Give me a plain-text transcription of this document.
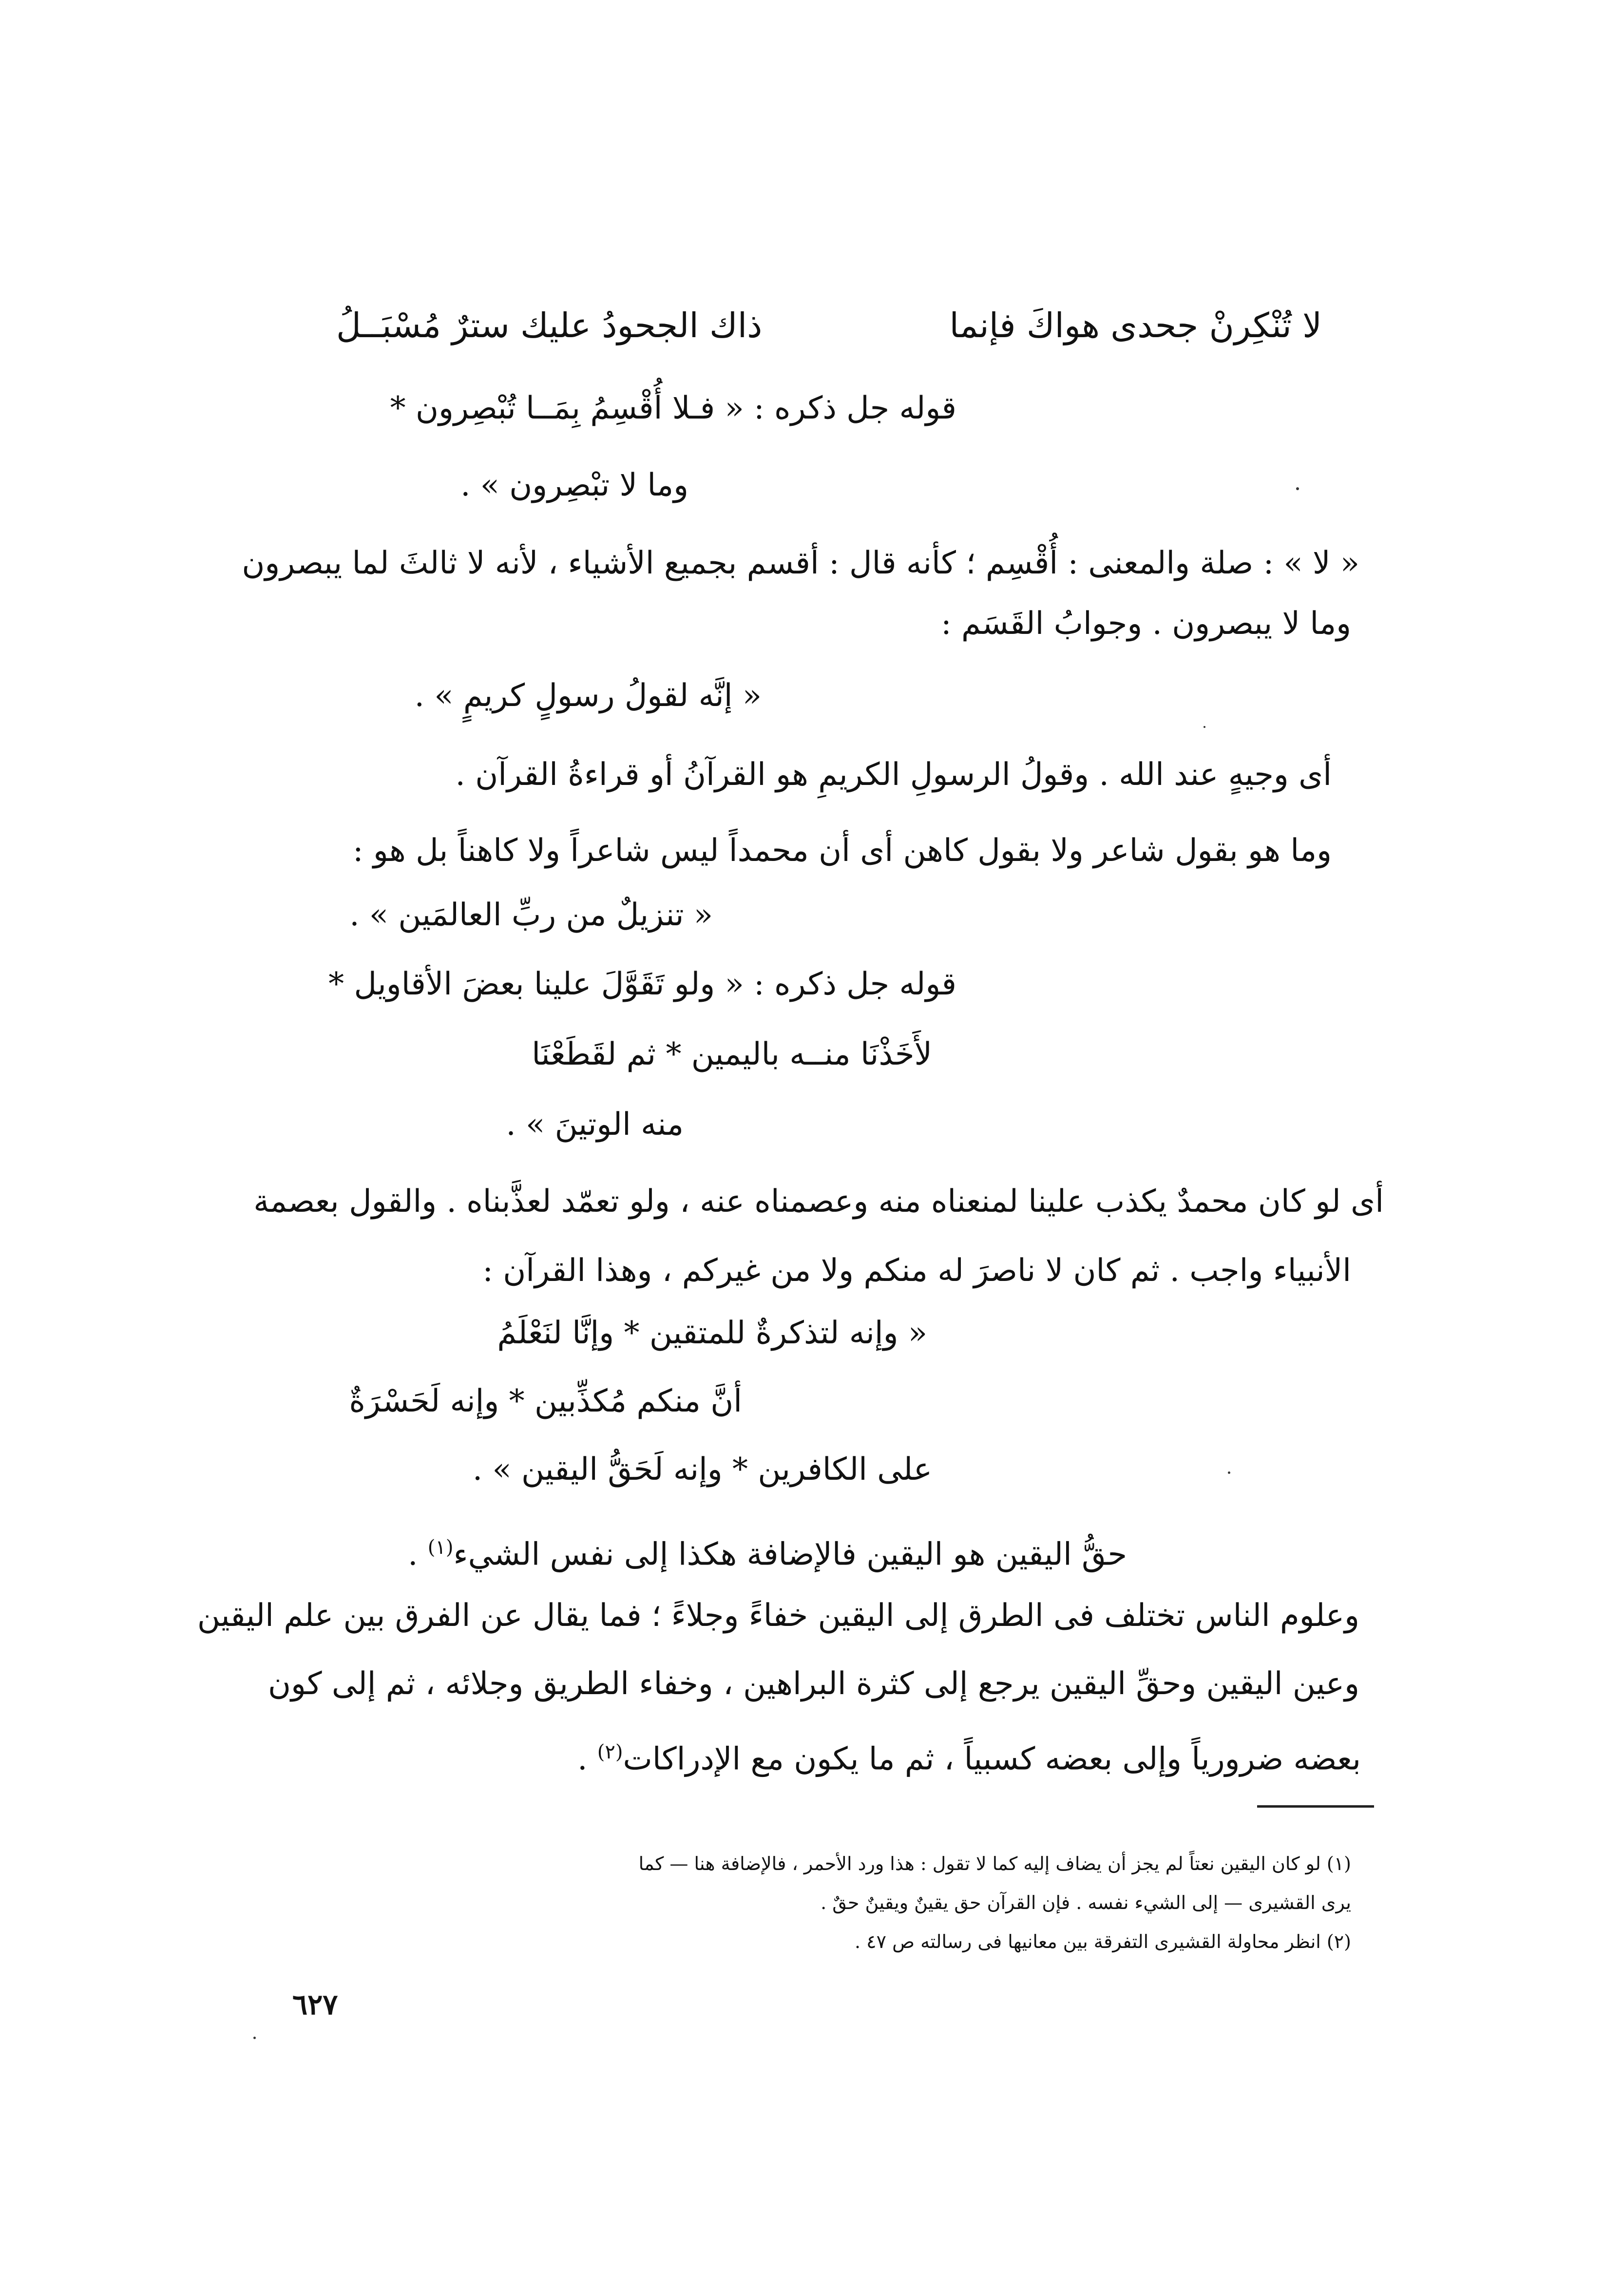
لا تُنْكِرنْ جحدى هواكَ فإنما
ذاك الجحودُ عليك سترٌ مُسْبَــلُ
قوله جل ذكره : « فـلا أُقْسِمُ بِمَــا تُبْصِرون *
وما لا تبْصِرون » .
« لا » : صلة والمعنى : أُقْسِم ؛ كأنه قال : أقسم بجميع الأشياء ، لأنه لا ثالثَ لما يبصرون
وما لا يبصرون . وجوابُ القَسَم :
« إنَّه لقولُ رسولٍ كريمٍ » .
أى وجيهٍ عند الله . وقولُ الرسولِ الكريمِ هو القرآنُ أو قراءةُ القرآن .
وما هو بقول شاعر ولا بقول كاهن أى أن محمداً ليس شاعراً ولا كاهناً بل هو :
« تنزيلٌ من ربِّ العالمَين » .
قوله جل ذكره : « ولو تَقَوَّلَ علينا بعضَ الأقاويل *
لأَخَذْنَا منــه باليمين * ثم لقَطَعْنَا
منه الوتينَ » .
أى لو كان محمدٌ يكذب علينا لمنعناه منه وعصمناه عنه ، ولو تعمّد لعذَّبناه . والقول بعصمة
الأنبياء واجب . ثم كان لا ناصرَ له منكم ولا من غيركم ، وهذا القرآن :
« وإنه لتذكرةٌ للمتقين * وإنَّا لنَعْلَمُ
أنَّ منكم مُكذِّبين * وإنه لَحَسْرَةٌ
على الكافرين * وإنه لَحَقُّ اليقين » .
حقُّ اليقين هو اليقين فالإضافة هكذا إلى نفس الشيء$^{(١)}$ .
وعلوم الناس تختلف فى الطرق إلى اليقين خفاءً وجلاءً ؛ فما يقال عن الفرق بين علم اليقين
وعين اليقين وحقِّ اليقين يرجع إلى كثرة البراهين ، وخفاء الطريق وجلائه ، ثم إلى كون
بعضه ضرورياً وإلى بعضه كسبياً ، ثم ما يكون مع الإدراكات$^{(٢)}$ .
(١) لو كان اليقين نعتاً لم يجز أن يضاف إليه كما لا تقول : هذا ورد الأحمر ، فالإضافة هنا — كما
يرى القشيرى — إلى الشيء نفسه . فإن القرآن حق يقينٌ ويقينٌ حقٌ .
(٢) انظر محاولة القشيرى التفرقة بين معانيها فى رسالته ص ٤٧ .
٦٢٧
